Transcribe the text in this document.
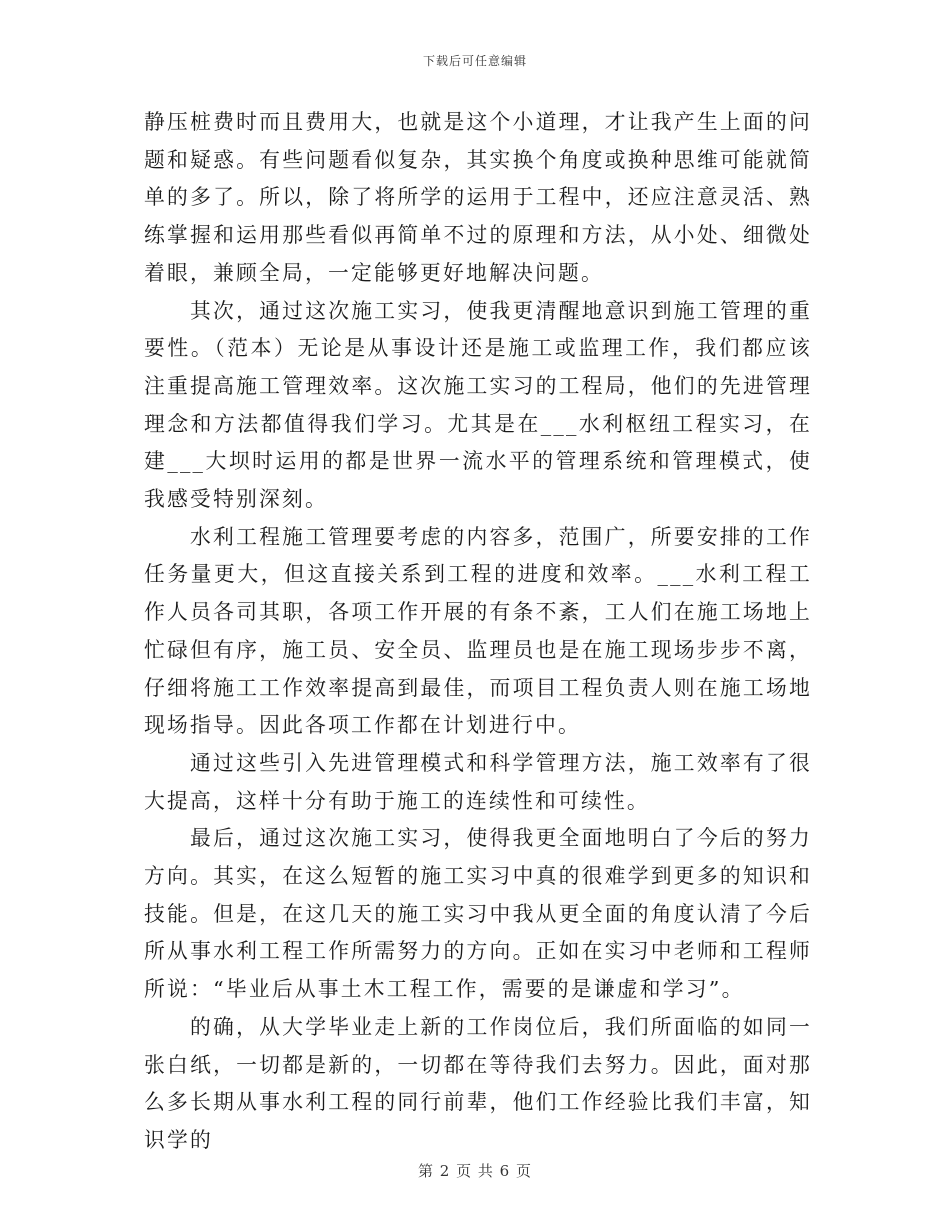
下载后可任意编辑

静压桩费时而且费用大，也就是这个小道理，才让我产生上面的问题和疑惑。有些问题看似复杂，其实换个角度或换种思维可能就简单的多了。所以，除了将所学的运用于工程中，还应注意灵活、熟练掌握和运用那些看似再简单不过的原理和方法，从小处、细微处着眼，兼顾全局，一定能够更好地解决问题。

其次，通过这次施工实习，使我更清醒地意识到施工管理的重要性。（范本）无论是从事设计还是施工或监理工作，我们都应该注重提高施工管理效率。这次施工实习的工程局，他们的先进管理理念和方法都值得我们学习。尤其是在___水利枢纽工程实习，在建___大坝时运用的都是世界一流水平的管理系统和管理模式，使我感受特别深刻。

水利工程施工管理要考虑的内容多，范围广，所要安排的工作任务量更大，但这直接关系到工程的进度和效率。___水利工程工作人员各司其职，各项工作开展的有条不紊，工人们在施工场地上忙碌但有序，施工员、安全员、监理员也是在施工现场步步不离，仔细将施工工作效率提高到最佳，而项目工程负责人则在施工场地现场指导。因此各项工作都在计划进行中。

通过这些引入先进管理模式和科学管理方法，施工效率有了很大提高，这样十分有助于施工的连续性和可续性。

最后，通过这次施工实习，使得我更全面地明白了今后的努力方向。其实，在这么短暂的施工实习中真的很难学到更多的知识和技能。但是，在这几天的施工实习中我从更全面的角度认清了今后所从事水利工程工作所需努力的方向。正如在实习中老师和工程师所说：“毕业后从事土木工程工作，需要的是谦虚和学习”。

的确，从大学毕业走上新的工作岗位后，我们所面临的如同一张白纸，一切都是新的，一切都在等待我们去努力。因此，面对那么多长期从事水利工程的同行前辈，他们工作经验比我们丰富，知识学的

第 2 页 共 6 页
